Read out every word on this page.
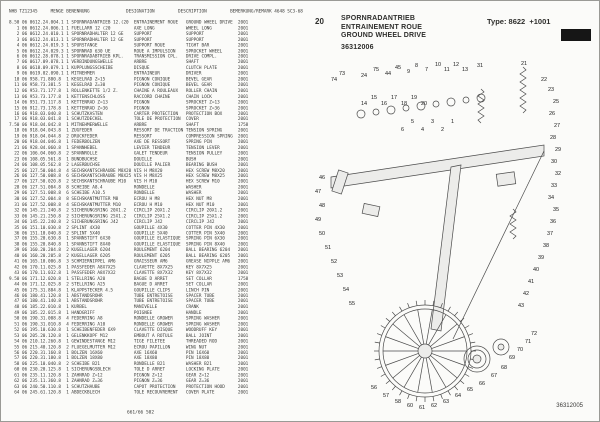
NHB TZ12345     MENGE BENENNUNG              DESIGNATION         DESCRIPTION         BEMERKUNG/REMARK 4648 SC3-68
8.50 06 0612.24.004.1 1 SPORNRADANTRIEB 12.(20  ENTRAINEMENT ROUE   GROUND WHEEL DRIVE  2001
1 06 0612.24.006.1 1 FUELLARR 12 (20         AXE LONG            WHEEL LONG          2001
2 06 0612.24.010.1 1 SPORNRADHALTER 12 GE    SUPPORT             SUPPORT             2001
3 06 0612.24.013.1 1 SPORNRADHALTER 12 GE    SUPPORT             SUPPORT             2001
4 06 0612.24.019.3 1 SPURSTANGE              SUPPORT ROUE        TIGHT BAR           2001
5 06 0612.24.029.3 1 SPORNRAD 630 UE         ROUE A IMPULSION    SPROCKET WHEEL      2001
6 06 0612.28.078.1 1 SPORNRADABTRIEB KPL.    TRANSMISSION CPL.   DRIVE COMPL.        2001
7 06 0617.09.078.1 1 VERBINDUNGSWELLE        ARBRE               SHAFT               2001
8 06 0618.09.079.1 1 KUPPLUNGSSCHEIBE        DISQUE              CLUTCH PLATE        2001
9 06 0619.02.090.1 1 MITNEHMER               ENTRAINEUR          DRIVER              2001
10 06 958.71.880.8  1 KEGELRAD Z=15           PIGNON CONIQUE      BEVEL GEAR          2001
11 06 958.73.381.5  1 KEGELRAD Z=30           PIGNON CONIQUE      BEVEL GEAR          2001
12 06 953.71.177.8  1 ROLLENKETTE 1/2 Z.      CHAINE A ROULEAUX   ROLLER CHAIN        2001
13 06 953.73.177.8  1 KETTENSCHLOSS           RACCORD CHAINE      CHAIN LOCK          2001
14 06 951.73.117.8  1 KETTENRAD Z=13          PIGNON              SPROCKET Z=13       2001
15 06 912.73.178.8  1 KETTENRAD Z=36          PIGNON              SPROCKET Z=36       2001
16 06 918.03.040.8  1 SCHUTZKASTEN            CARTER PROTECTION   PROTECTION BOX      2001
17 06 918.03.041.8  1 SCHUTZDECKEL            TOLE DE PROTECTION  COVER               2001
7.50 06 918.04.042.8  1 MITNEHMERWELLE          ARBRE               SHAFT               1758
18 06 918.04.043.8  1 ZUGFEDER                RESSORT DE TRACTION TENSION SPRING      2001
19 06 918.04.044.8  2 DRUCKFEDER              RESSORT             COMPRESSION SPRING  2001
20 06 918.04.046.8  1 FEDERBOLZEN             AXE DE RESSORT      SPRING PIN          2001
21 06 928.04.060.8  1 SPANNHEBEL              LEVIER TENDEUR      TENSION LEVER       2001
22 06 106.04.060.8  2 SPANNROLLE              GALET TENDEUR       TENSION PULLEY      2001
23 06 108.05.561.8  1 BUNDBUCHSE              DOUILLE             BUSH                2001
24 06 108.05.562.8  2 LAGERBUCHSE             DOUILLE PALIER      BEARING BUSH        2001
25 06 127.50.004.8  4 SECHSKANTSCHRAUBE M8X20 VIS H M8X20         HEX SCREW M8X20     2001
26 06 127.50.008.8  6 SECHSKANTSCHRAUBE M8X25 VIS H M8X25         HEX SCREW M8X25     2001
27 06 127.50.020.8  2 SECHSKANTSCHRAUBE M10   VIS H M10           HEX SCREW M10       2001
28 06 127.51.004.8  8 SCHEIBE A8.4            RONDELLE            WASHER              2001
29 06 127.51.008.8  6 SCHEIBE A10.5           RONDELLE            WASHER              2001
30 06 127.52.004.8  8 SECHSKANTMUTTER M8      ECROU H M8          HEX NUT M8          2001
31 06 127.52.008.8  4 SECHSKANTMUTTER M10     ECROU H M10         HEX NUT M10         2001
32 06 145.21.240.8  2 SICHERUNGSRING 20X1.2   CIRCLIP 20X1.2      CIRCLIP 20X1.2      2001
33 06 145.21.250.8  2 SICHERUNGSRING 25X1.2   CIRCLIP 25X1.2      CIRCLIP 25X1.2      2001
34 06 145.22.240.8  2 SICHERUNGSRING J42      CIRCLIP J42         CIRCLIP J42         2001
35 06 151.10.030.8  2 SPLINT 4X30             GOUPILLE 4X30       COTTER PIN 4X30     2001
36 06 151.10.040.8  2 SPLINT 5X40             GOUPILLE 5X40       COTTER PIN 5X40     2001
37 06 155.20.630.8  1 SPANNSTIFT 6X30         GOUPILLE ELASTIQUE  SPRING PIN 6X30     2001
38 06 155.20.840.8  1 SPANNSTIFT 8X40         GOUPILLE ELASTIQUE  SPRING PIN 8X40     2001
39 06 160.20.204.8  2 KUGELLAGER 6204         ROULEMENT 6204      BALL BEARING 6204   2001
40 06 160.20.205.8  2 KUGELLAGER 6205         ROULEMENT 6205      BALL BEARING 6205   2001
41 06 165.10.006.8  3 SCHMIERNIPPEL AM6       GRAISSEUR AM6       GREASE NIPPLE AM6   2001
42 06 170.11.025.8  1 PASSFEDER A8X7X25       CLAVETTE 8X7X25     KEY 8X7X25          2001
43 06 170.11.032.8  1 PASSFEDER A8X7X32       CLAVETTE 8X7X32     KEY 8X7X32          2001
9.50 06 171.12.020.8  1 STELLRING A20           BAGUE D ARRET       SET COLLAR          1758
44 06 171.12.025.8  2 STELLRING A25           BAGUE D ARRET       SET COLLAR          2001
45 06 175.31.884.8  1 KLAPPSTECKER 4.5        GOUPILLE CLIPS      LINCH PIN           2001
46 06 180.41.120.8  1 ABSTANDSROHR            TUBE ENTRETOISE     SPACER TUBE         2001
47 06 180.41.140.8  1 ABSTANDSROHR            TUBE ENTRETOISE     SPACER TUBE         2001
48 06 185.22.010.8  1 KURBEL                  MANIVELLE           CRANK               2001
49 06 185.22.015.8  1 HANDGRIFF               POIGNEE             HANDLE              2001
50 06 190.31.008.8  4 FEDERRING A8            RONDELLE GROWER     SPRING WASHER       2001
51 06 190.31.010.8  4 FEDERRING A10           RONDELLE GROWER     SPRING WASHER       2001
52 06 195.10.630.8  1 SCHEIBENFEDER 6X9       CLAVETTE DISQUE     WOODRUFF KEY        2001
53 06 205.20.120.8  1 GELENKKOPF M12          EMBOUT A ROTULE     BALL JOINT          2001
54 06 210.12.260.8  1 GEWINDESTANGE M12       TIGE FILETEE        THREADED ROD        2001
55 06 215.40.120.8  2 FLUEGELMUTTER M12       ECROU PAPILLON      WING NUT            2001
56 06 220.31.160.8  1 BOLZEN 16X60            AXE 16X60           PIN 16X60           2001
57 06 220.31.180.8  1 BOLZEN 18X80            AXE 18X80           PIN 18X80           2001
58 06 225.10.040.8  2 SCHEIBE B21             RONDELLE B21        WASHER B21          2001
60 06 230.20.125.8  1 SICHERUNGSBLECH         TOLE D ARRET        LOCKING PLATE       2001
61 06 235.11.120.8  1 ZAHNRAD Z=12            PIGNON Z=12         GEAR Z=12           2001
62 06 235.11.360.8  1 ZAHNRAD Z=36            PIGNON Z=36         GEAR Z=36           2001
63 06 240.50.110.8  1 SCHUTZHAUBE             CAPOT PROTECTION    PROTECTION HOOD     2001
64 06 245.61.120.8  1 ABDECKBLECH             TOLE RECOUVREMENT   COVER PLATE         2001
661/66 502
20 SPORNRADANTRIEB
ENTRAINEMENT ROUE
GROUND WHEEL DRIVE
36312006
Type: 8622  +1001
74
73	24
75
44
45
9
8
7
10
11
12
13
31	21
22
23
25
26
27
28
29
30
32
33
34
35
36
37
38
39
40
41
42
43
46
47
48
49
50
51
52
53
54
55
56
57
58
60 61 62
63
64
65
66
67
68
69
70
71
72
1
2
3
4
5
6
14
15
16
17
18
19
20
36312005
